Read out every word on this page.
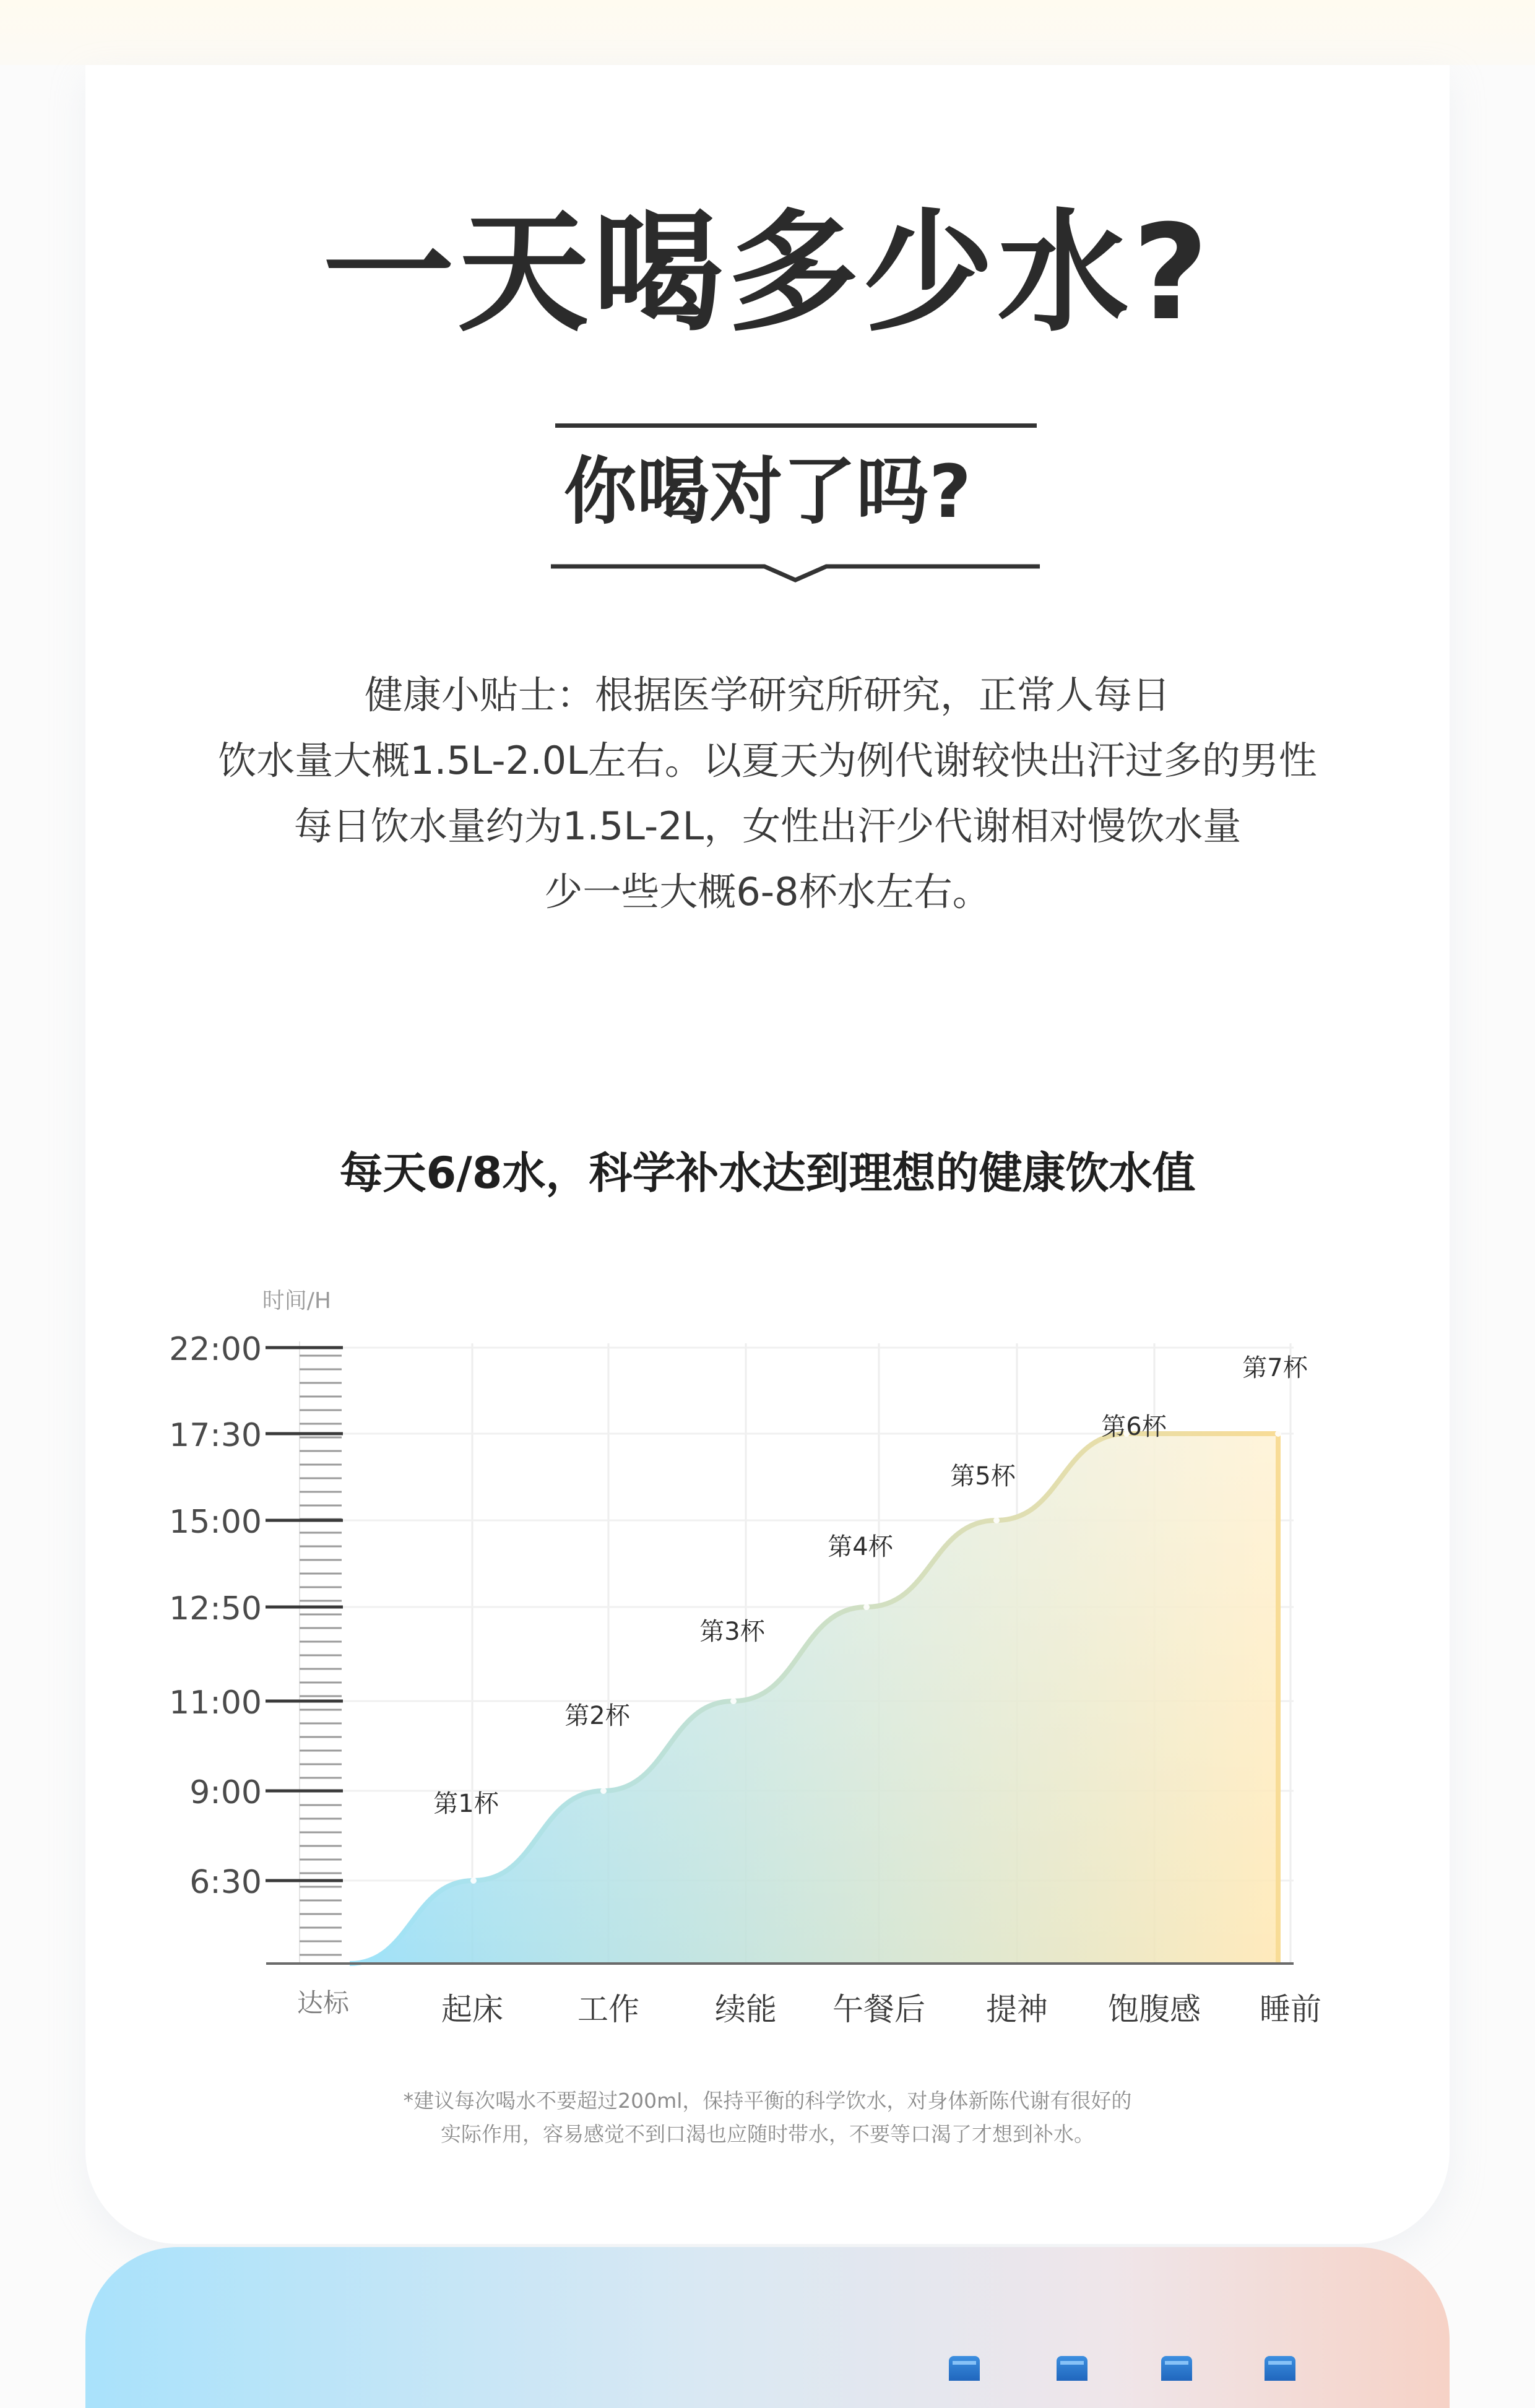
一天喝多少水?
你喝对了吗?
健康小贴士：根据医学研究所研究，正常人每日
饮水量大概1.5L-2.0L左右。以夏天为例代谢较快出汗过多的男性
每日饮水量约为1.5L-2L，女性出汗少代谢相对慢饮水量
少一些大概6-8杯水左右。
每天6/8水，科学补水达到理想的健康饮水值
时间/H
22:00
17:30
15:00
12:50
11:00
9:00
6:30
达标	起床 工作 续能 午餐后 提神 饱腹感 睡前
第1杯
第2杯
第3杯
第4杯
第5杯
第6杯
第7杯
*建议每次喝水不要超过200ml，保持平衡的科学饮水，对身体新陈代谢有很好的
实际作用，容易感觉不到口渴也应随时带水，不要等口渴了才想到补水。
